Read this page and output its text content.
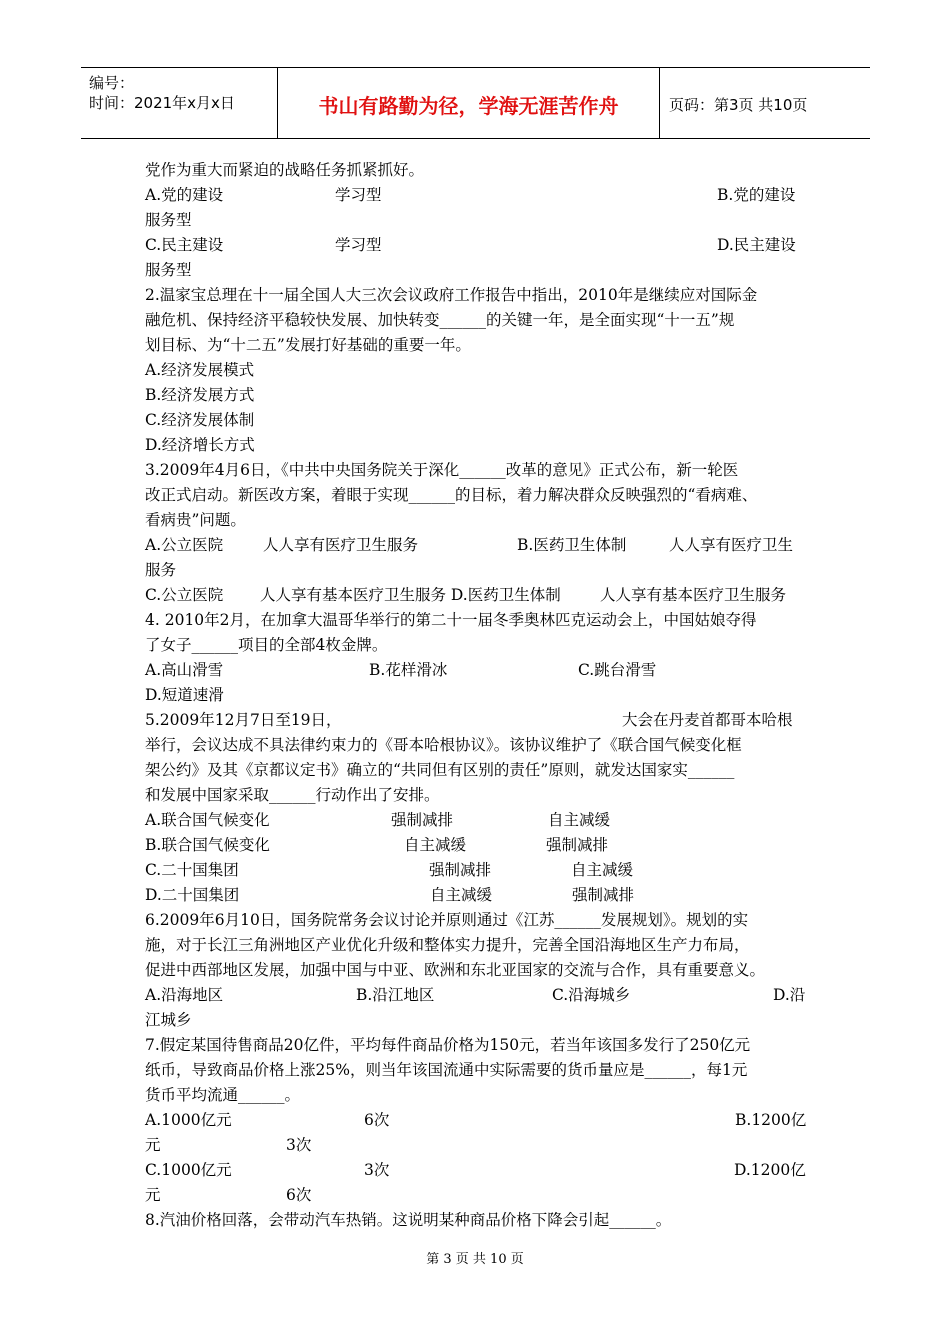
编号：
时间：2021年x月x日	书山有路勤为径，学海无涯苦作舟	页码：第3页 共10页
党作为重大而紧迫的战略任务抓紧抓好。
A.党的建设	学习型	B.党的建设
服务型
C.民主建设	学习型	D.民主建设
服务型
2.温家宝总理在十一届全国人大三次会议政府工作报告中指出，2010年是继续应对国际金
融危机、保持经济平稳较快发展、加快转变______的关键一年，是全面实现“十一五”规
划目标、为“十二五”发展打好基础的重要一年。
A.经济发展模式
B.经济发展方式
C.经济发展体制
D.经济增长方式
3.2009年4月6日，《中共中央国务院关于深化______改革的意见》正式公布，新一轮医
改正式启动。新医改方案，着眼于实现______的目标，着力解决群众反映强烈的“看病难、
看病贵”问题。
A.公立医院	人人享有医疗卫生服务	B.医药卫生体制	人人享有医疗卫生
服务
C.公立医院 人人享有基本医疗卫生服务 D.医药卫生体制	人人享有基本医疗卫生服务
4. 2010年2月，在加拿大温哥华举行的第二十一届冬季奥林匹克运动会上，中国姑娘夺得
了女子______项目的全部4枚金牌。
A.高山滑雪	B.花样滑冰	C.跳台滑雪
D.短道速滑
5.2009年12月7日至19日，	大会在丹麦首都哥本哈根
举行，会议达成不具法律约束力的《哥本哈根协议》。该协议维护了《联合国气候变化框
架公约》及其《京都议定书》确立的“共同但有区别的责任”原则，就发达国家实______
和发展中国家采取______行动作出了安排。
A.联合国气候变化	强制减排	自主减缓
B.联合国气候变化	自主减缓	强制减排
C.二十国集团	强制减排	自主减缓
D.二十国集团	自主减缓	强制减排
6.2009年6月10日，国务院常务会议讨论并原则通过《江苏______发展规划》。规划的实
施，对于长江三角洲地区产业优化升级和整体实力提升，完善全国沿海地区生产力布局，
促进中西部地区发展，加强中国与中亚、欧洲和东北亚国家的交流与合作，具有重要意义。
A.沿海地区	B.沿江地区	C.沿海城乡	D.沿
江城乡
7.假定某国待售商品20亿件，平均每件商品价格为150元，若当年该国多发行了250亿元
纸币，导致商品价格上涨25%，则当年该国流通中实际需要的货币量应是______，每1元
货币平均流通______。
A.1000亿元	6次	B.1200亿
元	3次
C.1000亿元	3次	D.1200亿
元	6次
8.汽油价格回落，会带动汽车热销。这说明某种商品价格下降会引起______。
第 3 页 共 10 页
